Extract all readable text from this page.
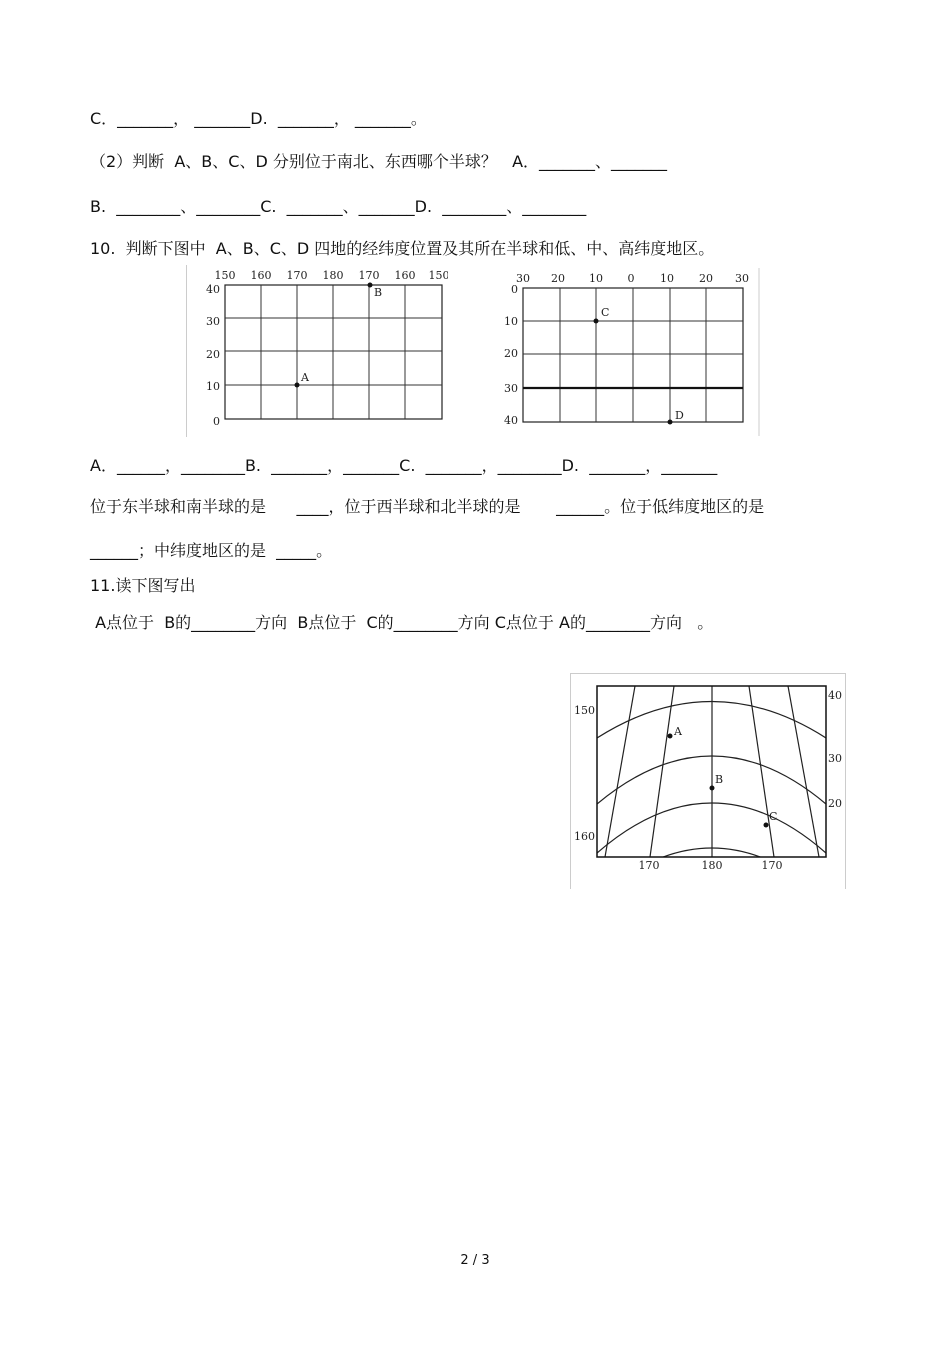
C．_______， _______D.  _______， _______。
（2）判断  A、B、C、D 分别位于南北、东西哪个半球？   A．_______、_______
B.  ________、________C.  _______、_______D.  ________、________
10.  判断下图中  A、B、C、D 四地的经纬度位置及其所在半球和低、中、高纬度地区。
150 160 170 180 170 160 150
40
30
20
10
0
A
B
30 20 10 0 10 20 30
0
10
20
30
40
C
D
A．______，________B.  _______，_______C.  _______，________D.  _______，_______
位于东半球和南半球的是      ____，位于西半球和北半球的是       ______。位于低纬度地区的是
______；中纬度地区的是  _____。
11.读下图写出
A点位于  B的________方向  B点位于  C的________方向 C点位于 A的________方向   。
150
160
40
30
20
170	180	170
A
B
C
2 / 3
